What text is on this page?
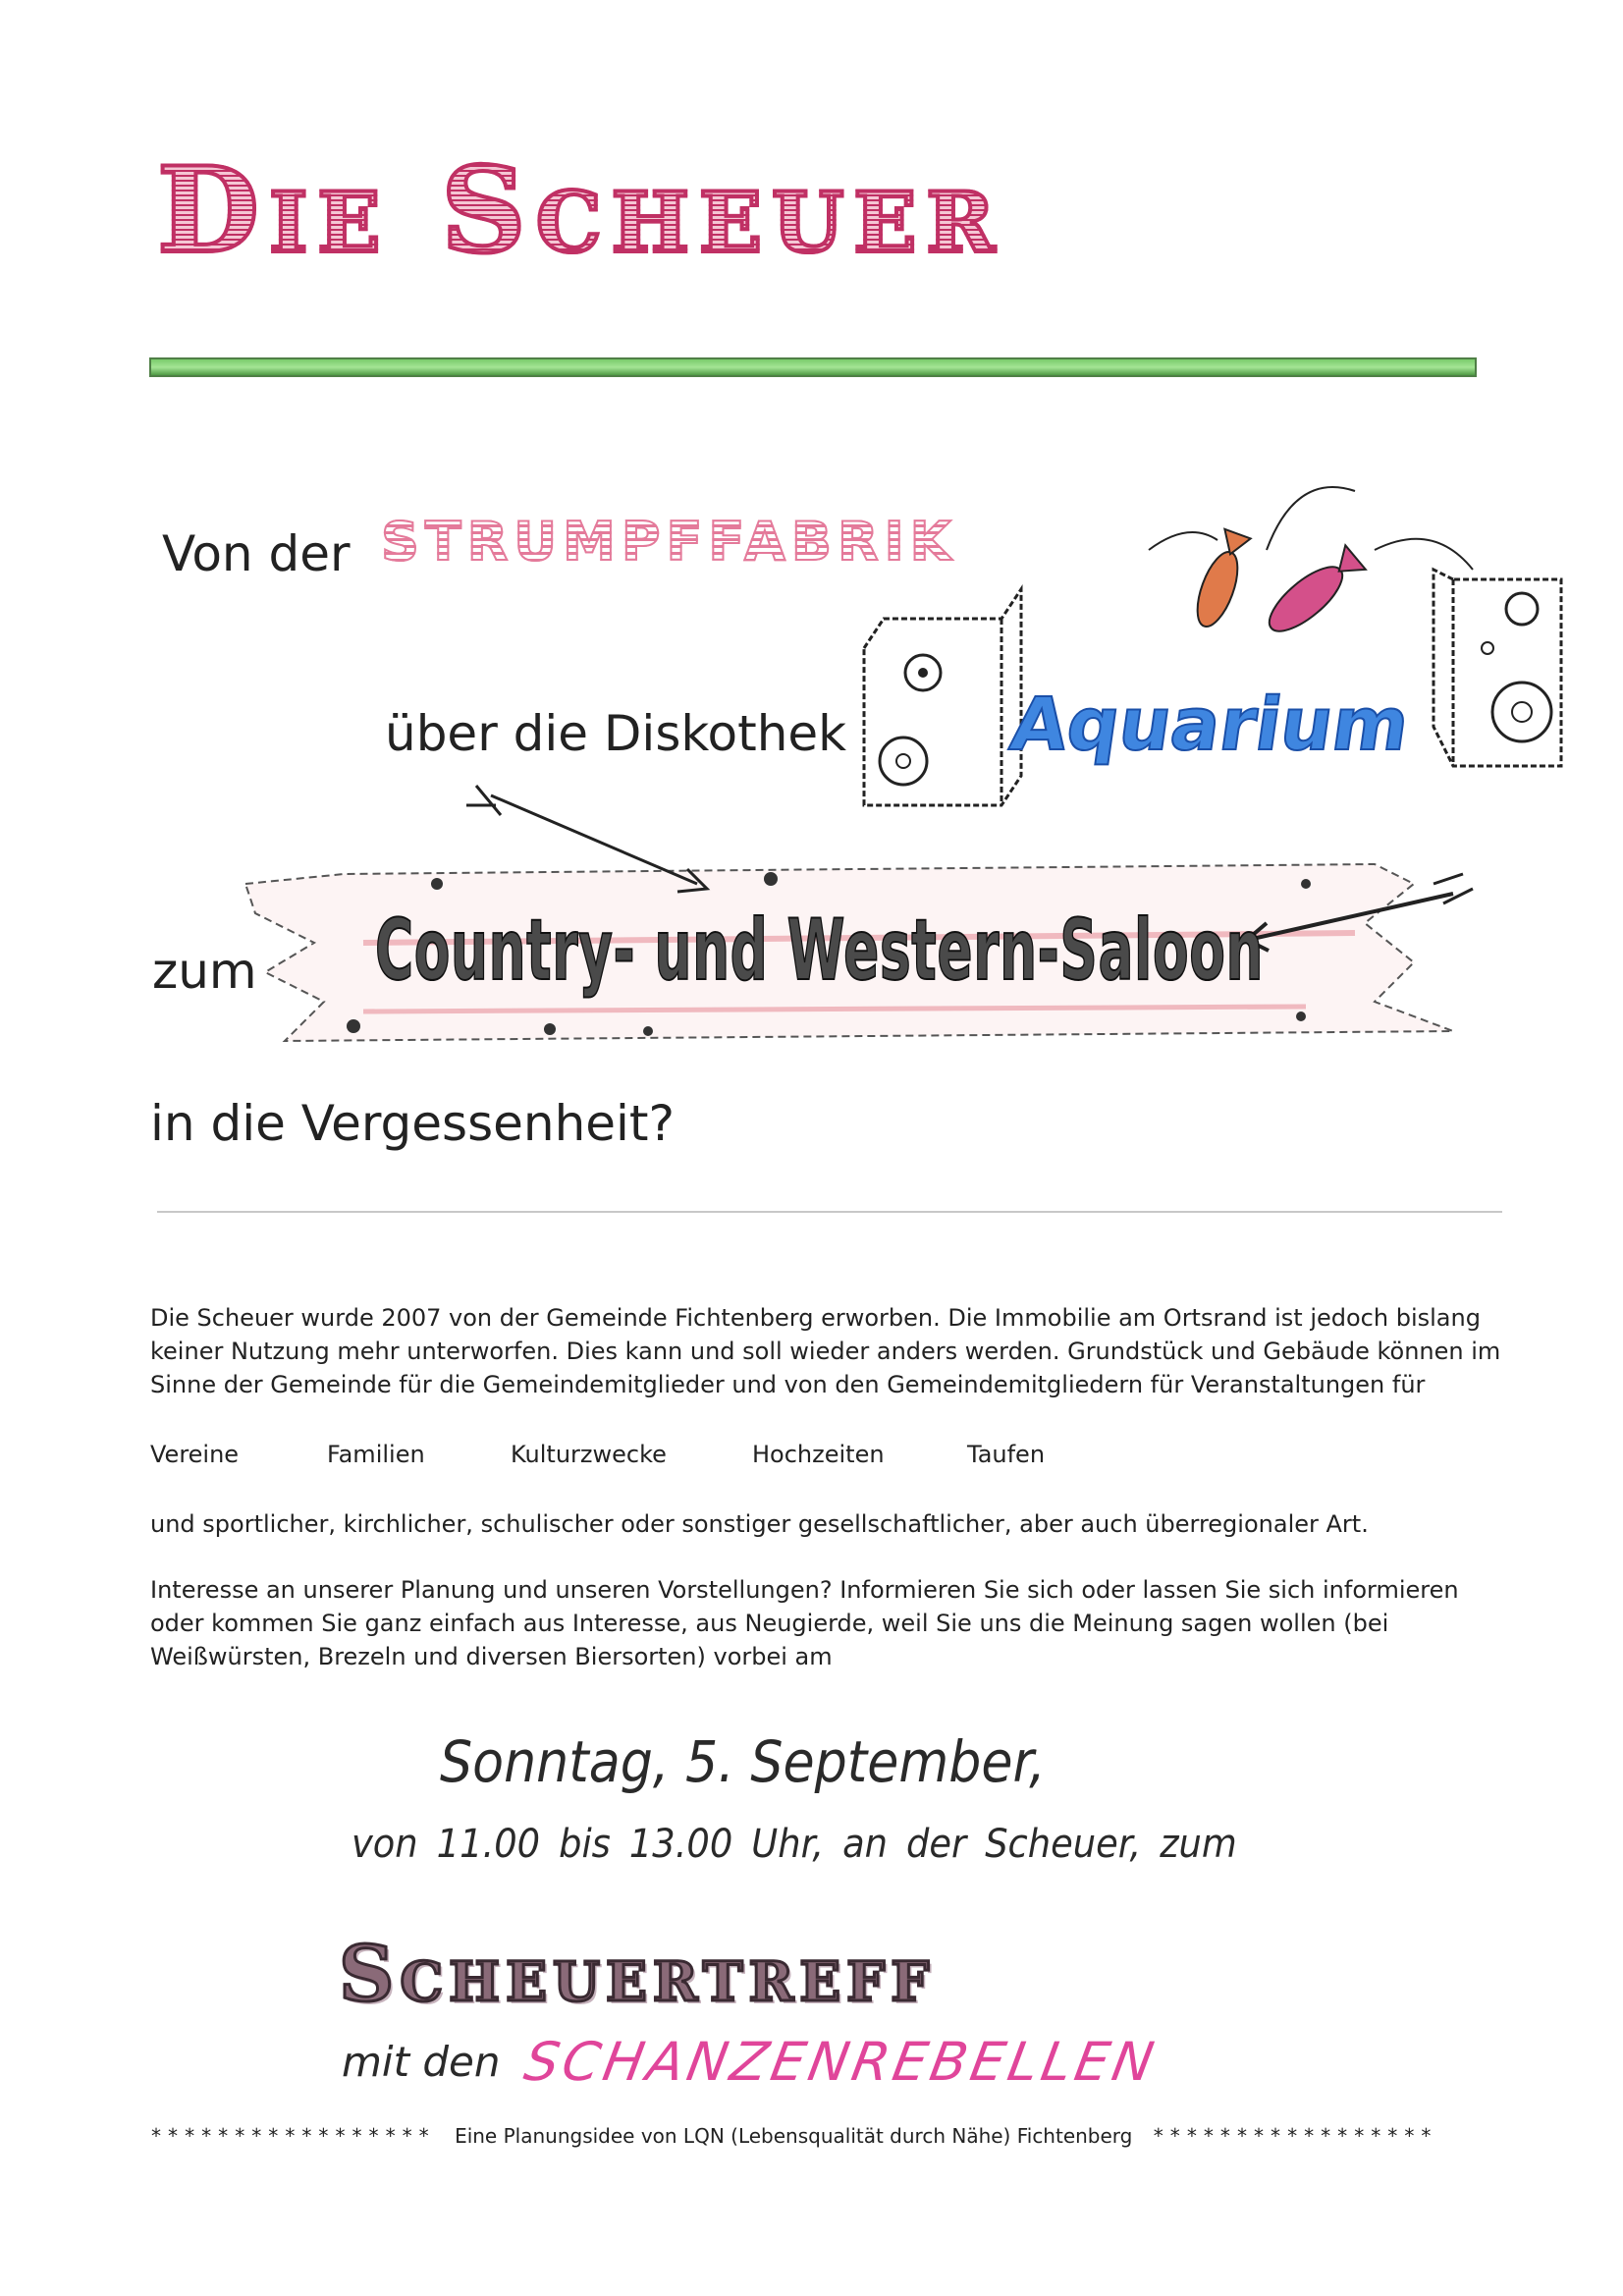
Die Scheuer
Von der STRUMPFFABRIK
über die Diskothek Aquarium
zum Country- und Western-Saloon
in die Vergessenheit?
Die Scheuer wurde 2007 von der Gemeinde Fichtenberg erworben. Die Immobilie am Ortsrand ist jedoch bislang keiner Nutzung mehr unterworfen. Dies kann und soll wieder anders werden. Grundstück und Gebäude können im Sinne der Gemeinde für die Gemeindemitglieder und von den Gemeindemitgliedern für Veranstaltungen für
Vereine	Familien	Kulturzwecke	Hochzeiten	Taufen
und sportlicher, kirchlicher, schulischer oder sonstiger gesellschaftlicher, aber auch überregionaler Art.
Interesse an unserer Planung und unseren Vorstellungen? Informieren Sie sich oder lassen Sie sich informieren oder kommen Sie ganz einfach aus Interesse, aus Neugierde, weil Sie uns die Meinung sagen wollen (bei Weißwürsten, Brezeln und diversen Biersorten) vorbei am
Sonntag, 5. September,
von 11.00 bis 13.00 Uhr, an der Scheuer, zum
Scheuertreff
mit den SCHANZENREBELLEN
***************** Eine Planungsidee von LQN (Lebensqualität durch Nähe) Fichtenberg *****************
